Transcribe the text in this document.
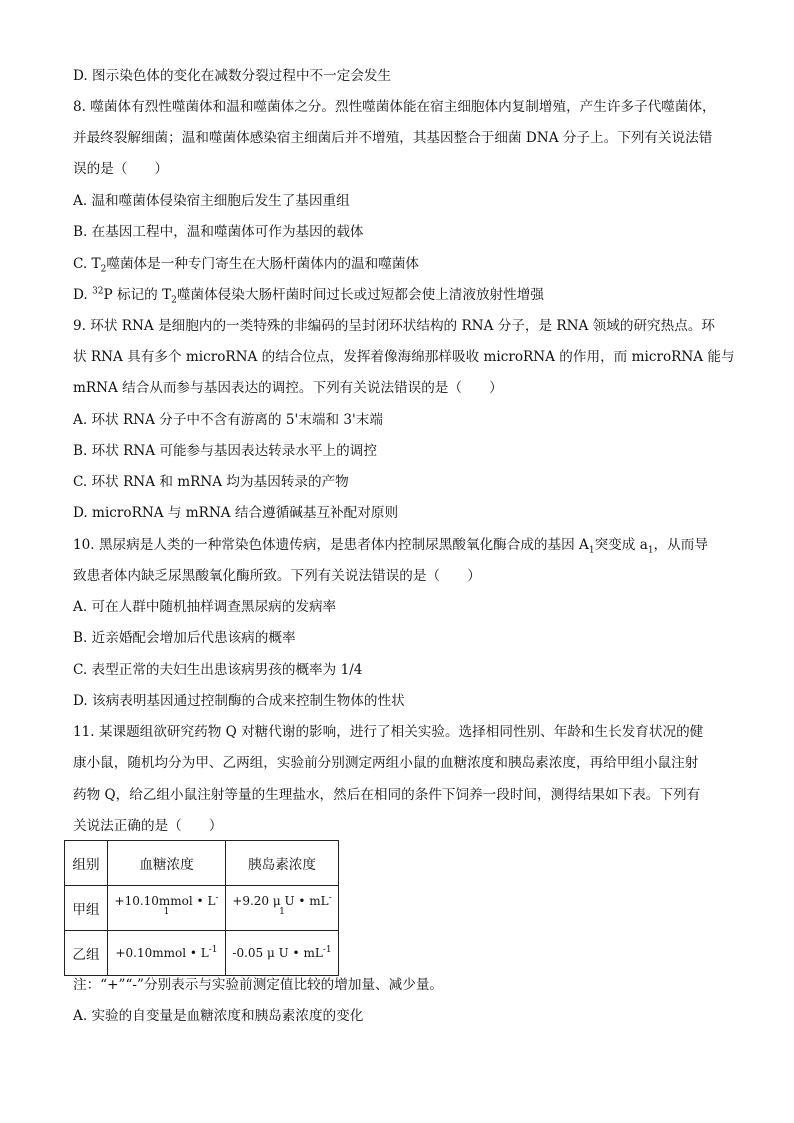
D. 图示染色体的变化在减数分裂过程中不一定会发生
8. 噬菌体有烈性噬菌体和温和噬菌体之分。烈性噬菌体能在宿主细胞体内复制增殖，产生许多子代噬菌体，
并最终裂解细菌；温和噬菌体感染宿主细菌后并不增殖，其基因整合于细菌 DNA 分子上。下列有关说法错
误的是（　　）
A. 温和噬菌体侵染宿主细胞后发生了基因重组
B. 在基因工程中，温和噬菌体可作为基因的载体
C. $T_2$噬菌体是一种专门寄生在大肠杆菌体内的温和噬菌体
D. $^{32}$P 标记的 $T_2$噬菌体侵染大肠杆菌时间过长或过短都会使上清液放射性增强
9. 环状 RNA 是细胞内的一类特殊的非编码的呈封闭环状结构的 RNA 分子，是 RNA 领域的研究热点。环
状 RNA 具有多个 microRNA 的结合位点，发挥着像海绵那样吸收 microRNA 的作用，而 microRNA 能与
mRNA 结合从而参与基因表达的调控。下列有关说法错误的是（　　）
A. 环状 RNA 分子中不含有游离的 5'末端和 3'末端
B. 环状 RNA 可能参与基因表达转录水平上的调控
C. 环状 RNA 和 mRNA 均为基因转录的产物
D. microRNA 与 mRNA 结合遵循碱基互补配对原则
10. 黑尿病是人类的一种常染色体遗传病，是患者体内控制尿黑酸氧化酶合成的基因 $A_1$突变成 $a_1$，从而导
致患者体内缺乏尿黑酸氧化酶所致。下列有关说法错误的是（　　）
A. 可在人群中随机抽样调查黑尿病的发病率
B. 近亲婚配会增加后代患该病的概率
C. 表型正常的夫妇生出患该病男孩的概率为 1/4
D. 该病表明基因通过控制酶的合成来控制生物体的性状
11. 某课题组欲研究药物 Q 对糖代谢的影响，进行了相关实验。选择相同性别、年龄和生长发育状况的健
康小鼠，随机均分为甲、乙两组，实验前分别测定两组小鼠的血糖浓度和胰岛素浓度，再给甲组小鼠注射
药物 Q，给乙组小鼠注射等量的生理盐水，然后在相同的条件下饲养一段时间，测得结果如下表。下列有
关说法正确的是（　　）
组别	血糖浓度	胰岛素浓度
甲组	+10.10mmol • $L^{-1}$	+9.20 μ U • $mL^{-1}$
乙组	+0.10mmol • $L^{-1}$	-0.05 μ U • $mL^{-1}$
注：“+”“-”分别表示与实验前测定值比较的增加量、减少量。
A. 实验的自变量是血糖浓度和胰岛素浓度的变化
